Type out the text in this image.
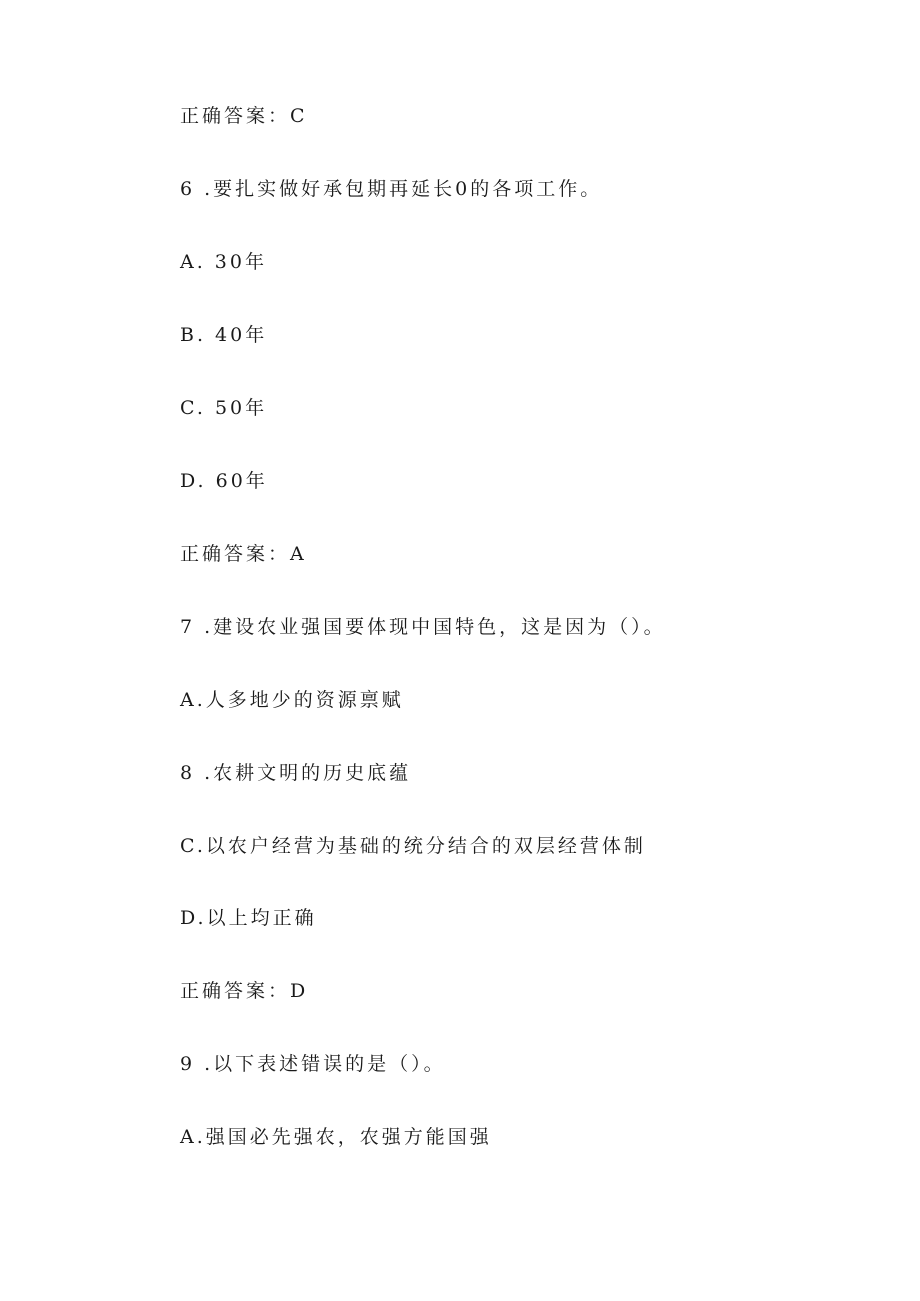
正确答案：C
6 .要扎实做好承包期再延长0的各项工作。
A. 30年
B. 40年
C. 50年
D. 60年
正确答案：A
7 .建设农业强国要体现中国特色，这是因为（）。
A.人多地少的资源禀赋
8 .农耕文明的历史底蕴
C.以农户经营为基础的统分结合的双层经营体制
D.以上均正确
正确答案：D
9 .以下表述错误的是（）。
A.强国必先强农，农强方能国强
